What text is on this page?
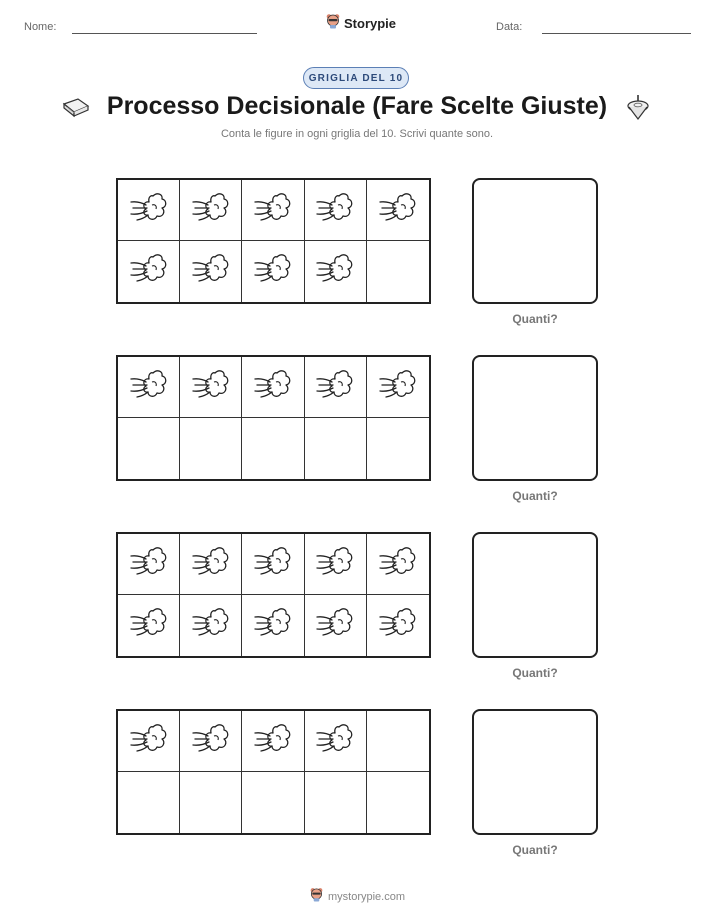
Nome:	Storypie	Data:
GRIGLIA DEL 10
Processo Decisionale (Fare Scelte Giuste)
Conta le figure in ogni griglia del 10. Scrivi quante sono.
Quanti?
Quanti?
Quanti?
Quanti?
mystorypie.com
